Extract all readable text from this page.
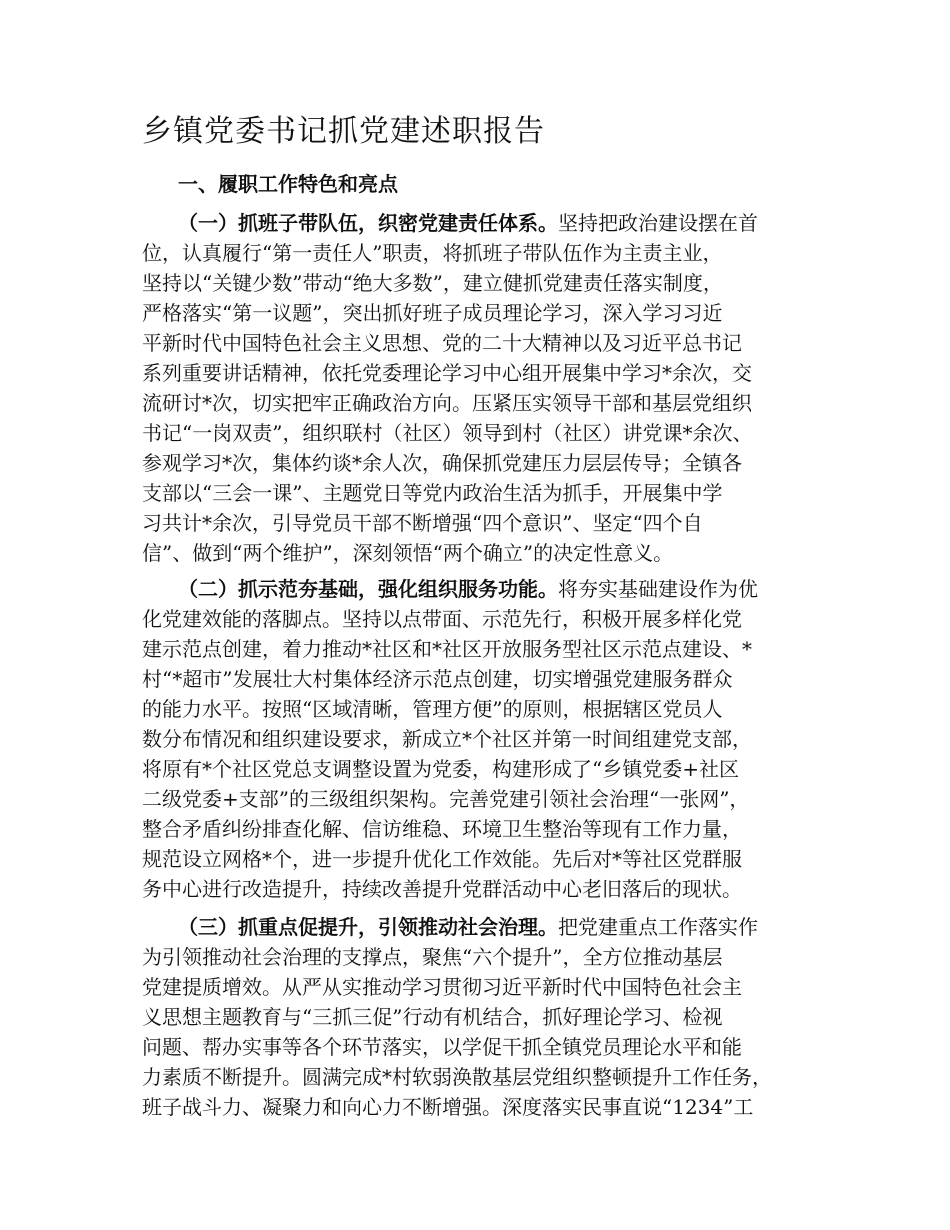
乡镇党委书记抓党建述职报告
一、履职工作特色和亮点
（一）抓班子带队伍，织密党建责任体系。坚持把政治建设摆在首
位，认真履行“第一责任人”职责，将抓班子带队伍作为主责主业，
坚持以“关键少数”带动“绝大多数”，建立健抓党建责任落实制度，
严格落实“第一议题”，突出抓好班子成员理论学习，深入学习习近
平新时代中国特色社会主义思想、党的二十大精神以及习近平总书记
系列重要讲话精神，依托党委理论学习中心组开展集中学习*余次，交
流研讨*次，切实把牢正确政治方向。压紧压实领导干部和基层党组织
书记“一岗双责”，组织联村（社区）领导到村（社区）讲党课*余次、
参观学习*次，集体约谈*余人次，确保抓党建压力层层传导；全镇各
支部以“三会一课”、主题党日等党内政治生活为抓手，开展集中学
习共计*余次，引导党员干部不断增强“四个意识”、坚定“四个自
信”、做到“两个维护”，深刻领悟“两个确立”的决定性意义。
（二）抓示范夯基础，强化组织服务功能。将夯实基础建设作为优
化党建效能的落脚点。坚持以点带面、示范先行，积极开展多样化党
建示范点创建，着力推动*社区和*社区开放服务型社区示范点建设、*
村“*超市”发展壮大村集体经济示范点创建，切实增强党建服务群众
的能力水平。按照“区域清晰，管理方便”的原则，根据辖区党员人
数分布情况和组织建设要求，新成立*个社区并第一时间组建党支部，
将原有*个社区党总支调整设置为党委，构建形成了“乡镇党委+社区
二级党委+支部”的三级组织架构。完善党建引领社会治理“一张网”，
整合矛盾纠纷排查化解、信访维稳、环境卫生整治等现有工作力量，
规范设立网格*个，进一步提升优化工作效能。先后对*等社区党群服
务中心进行改造提升，持续改善提升党群活动中心老旧落后的现状。
（三）抓重点促提升，引领推动社会治理。把党建重点工作落实作
为引领推动社会治理的支撑点，聚焦“六个提升”，全方位推动基层
党建提质增效。从严从实推动学习贯彻习近平新时代中国特色社会主
义思想主题教育与“三抓三促”行动有机结合，抓好理论学习、检视
问题、帮办实事等各个环节落实，以学促干抓全镇党员理论水平和能
力素质不断提升。圆满完成*村软弱涣散基层党组织整顿提升工作任务，
班子战斗力、凝聚力和向心力不断增强。深度落实民事直说“1234”工
